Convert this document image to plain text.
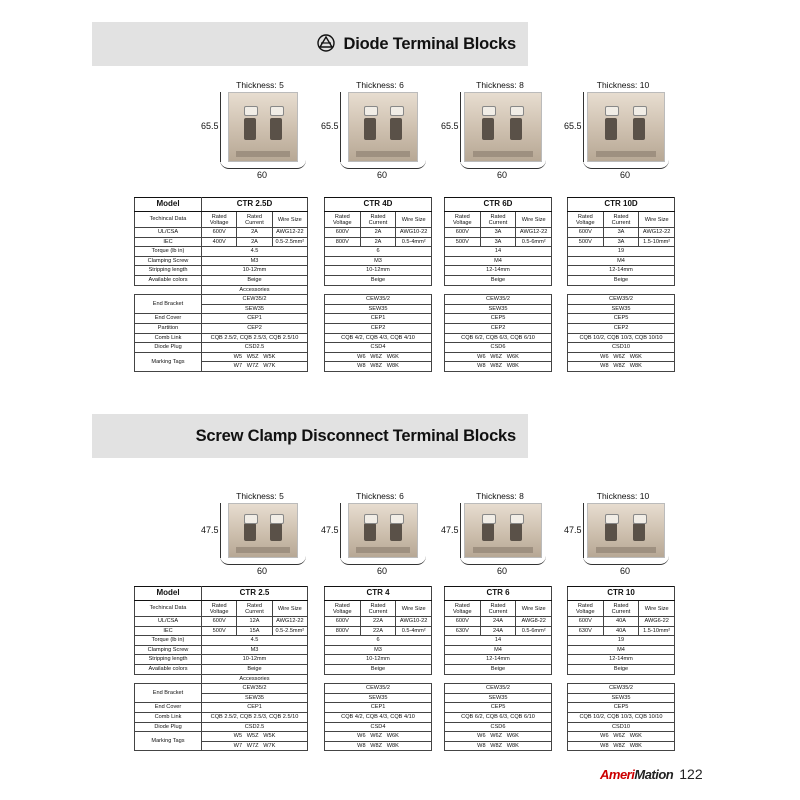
Diode Terminal Blocks
Screw Clamp Disconnect Terminal Blocks
Thickness: 5
65.5
60
Thickness: 6
65.5
60
Thickness: 8
65.5
60
Thickness: 10
65.5
60
Model	CTR 2.5D		
Techincal Data	Rated Voltage	Rated Current	Wire Size
UL/CSA	600V	2A	AWG12-22
IEC	400V	2A	0.5-2.5mm²
Torque (lb in)	4.5		
Clamping Screw	M3		
Stripping length	10-12mm		
Available colors	Beige		
	Accessories		
End Bracket	CEW35/2		
	SEW35		
End Cover	CEP1		
Partition	CEP2		
Comb Link	CQB 2.5/2, CQB 2.5/3, CQB 2.5/10		
Diode Plug	CSD2.5		
Marking Tags	W5   W5Z   W5K		
	W7   W7Z   W7K		
CTR 4D		
Rated Voltage	Rated Current	Wire Size
600V	2A	AWG10-22
800V	2A	0.5-4mm²
6		
M3		
10-12mm		
Beige		

CEW35/2		
SEW35		
CEP1		
CEP2		
CQB 4/2, CQB 4/3, CQB 4/10		
CSD4		
W6   W6Z   W6K		
W8   W8Z   W8K		
CTR 6D		
Rated Voltage	Rated Current	Wire Size
600V	3A	AWG12-22
500V	3A	0.5-6mm²
14		
M4		
12-14mm		
Beige		

CEW35/2		
SEW35		
CEP5		
CEP2		
CQB 6/2, CQB 6/3, CQB 6/10		
CSD6		
W6   W6Z   W6K		
W8   W8Z   W8K		
CTR 10D		
Rated Voltage	Rated Current	Wire Size
600V	3A	AWG12-22
500V	3A	1.5-10mm²
19		
M4		
12-14mm		
Beige		

CEW35/2		
SEW35		
CEP5		
CEP2		
CQB 10/2, CQB 10/3, CQB 10/10		
CSD10		
W6   W6Z   W6K		
W8   W8Z   W8K		
Thickness: 5
47.5
60
Thickness: 6
47.5
60
Thickness: 8
47.5
60
Thickness: 10
47.5
60
Model	CTR 2.5		
Techincal Data	Rated Voltage	Rated Current	Wire Size
UL/CSA	600V	12A	AWG12-22
IEC	500V	15A	0.5-2.5mm²
Torque (lb in)	4.5		
Clamping Screw	M3		
Stripping length	10-12mm		
Available colors	Beige		
	Accessories		
End Bracket	CEW35/2		
	SEW35		
End Cover	CEP1		
Comb Link	CQB 2.5/2, CQB 2.5/3, CQB 2.5/10		
Diode Plug	CSD2.5		
Marking Tags	W5   W5Z   W5K		
	W7   W7Z   W7K		
CTR 4		
Rated Voltage	Rated Current	Wire Size
600V	22A	AWG10-22
800V	22A	0.5-4mm²
6		
M3		
10-12mm		
Beige		

CEW35/2		
SEW35		
CEP1		
CQB 4/2, CQB 4/3, CQB 4/10		
CSD4		
W6   W6Z   W6K		
W8   W8Z   W8K		
CTR 6		
Rated Voltage	Rated Current	Wire Size
600V	24A	AWG8-22
630V	24A	0.5-6mm²
14		
M4		
12-14mm		
Beige		

CEW35/2		
SEW35		
CEP5		
CQB 6/2, CQB 6/3, CQB 6/10		
CSD6		
W6   W6Z   W6K		
W8   W8Z   W8K		
CTR 10		
Rated Voltage	Rated Current	Wire Size
600V	40A	AWG6-22
630V	40A	1.5-10mm²
19		
M4		
12-14mm		
Beige		

CEW35/2		
SEW35		
CEP5		
CQB 10/2, CQB 10/3, CQB 10/10		
CSD10		
W6   W6Z   W6K		
W8   W8Z   W8K		
AmeriMation 122
